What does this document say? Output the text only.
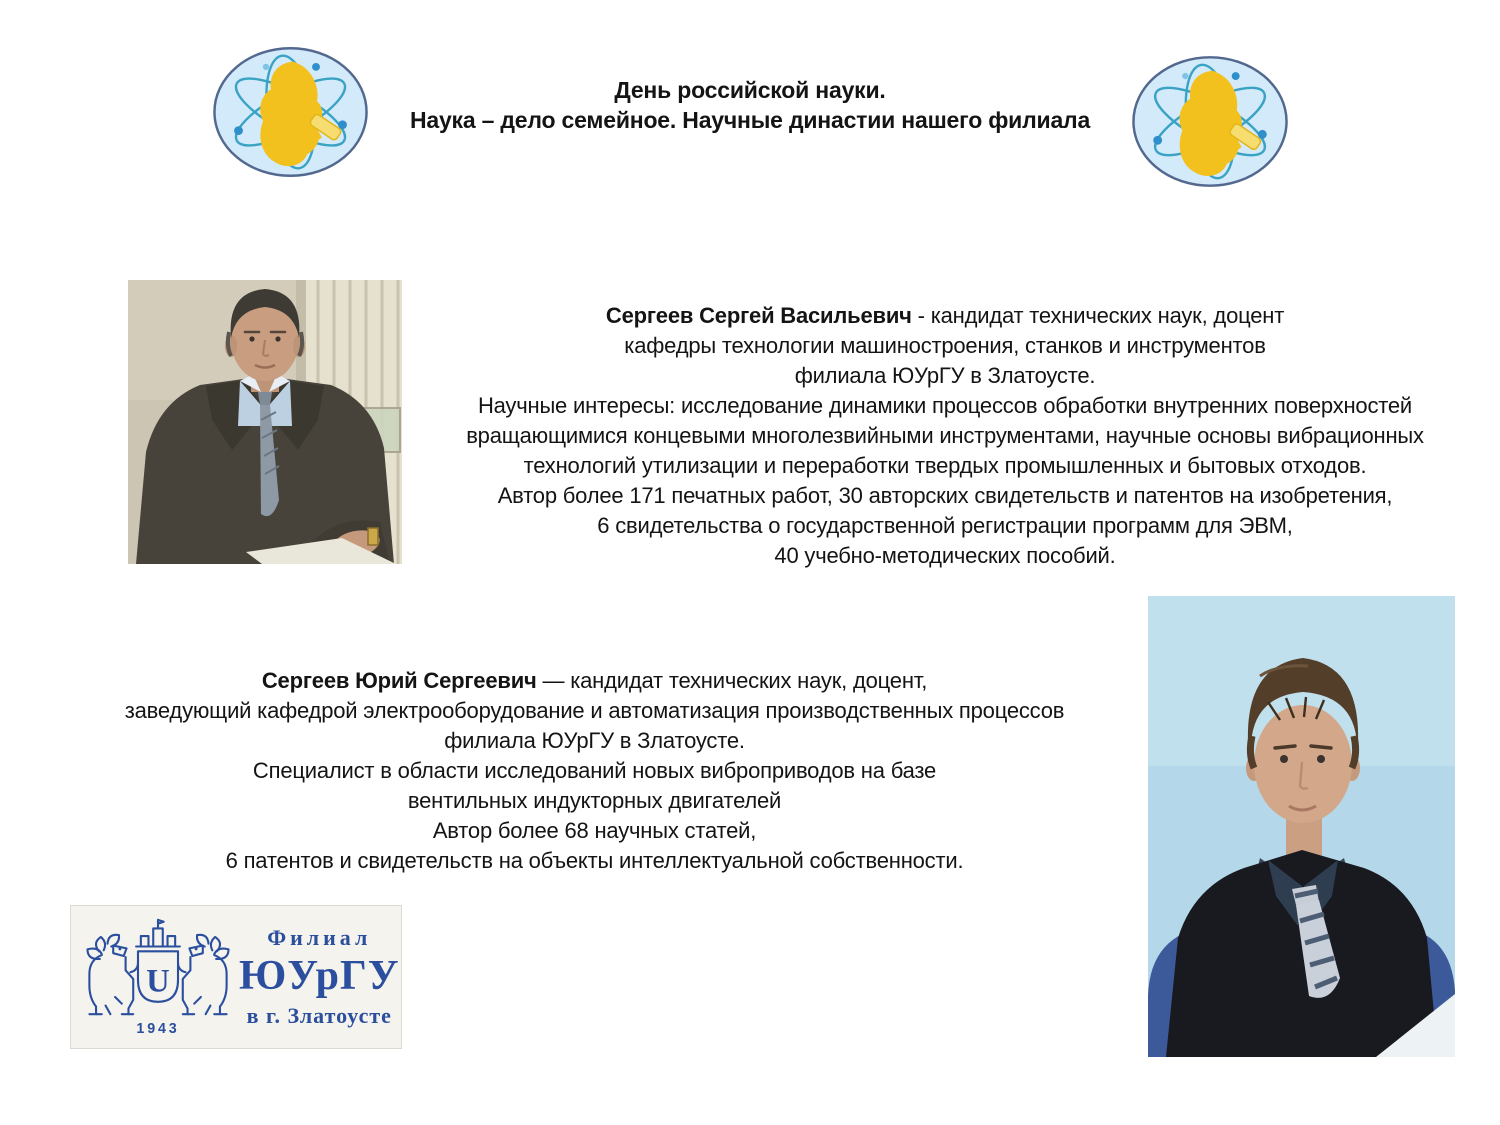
День российской науки.
Наука – дело семейное. Научные династии нашего филиала
Сергеев Сергей Васильевич - кандидат технических наук, доцент
кафедры технологии машиностроения, станков и инструментов
филиала ЮУрГУ в Златоусте.
Научные интересы: исследование динамики процессов обработки внутренних поверхностей
вращающимися концевыми многолезвийными инструментами, научные основы вибрационных
технологий утилизации и переработки твердых промышленных и бытовых отходов.
Автор более 171 печатных работ, 30 авторских свидетельств и патентов на изобретения,
6 свидетельства о государственной регистрации программ для ЭВМ,
40 учебно-методических пособий.
Сергеев Юрий Сергеевич — кандидат технических наук, доцент,
заведующий кафедрой электрооборудование и автоматизация производственных процессов
филиала ЮУрГУ в Златоусте.
Специалист в области исследований новых виброприводов на базе
вентильных индукторных двигателей
Автор более 68 научных статей,
6 патентов и свидетельств на объекты интеллектуальной собственности.
U
1943
Филиал
ЮУрГУ
в г. Златоусте
